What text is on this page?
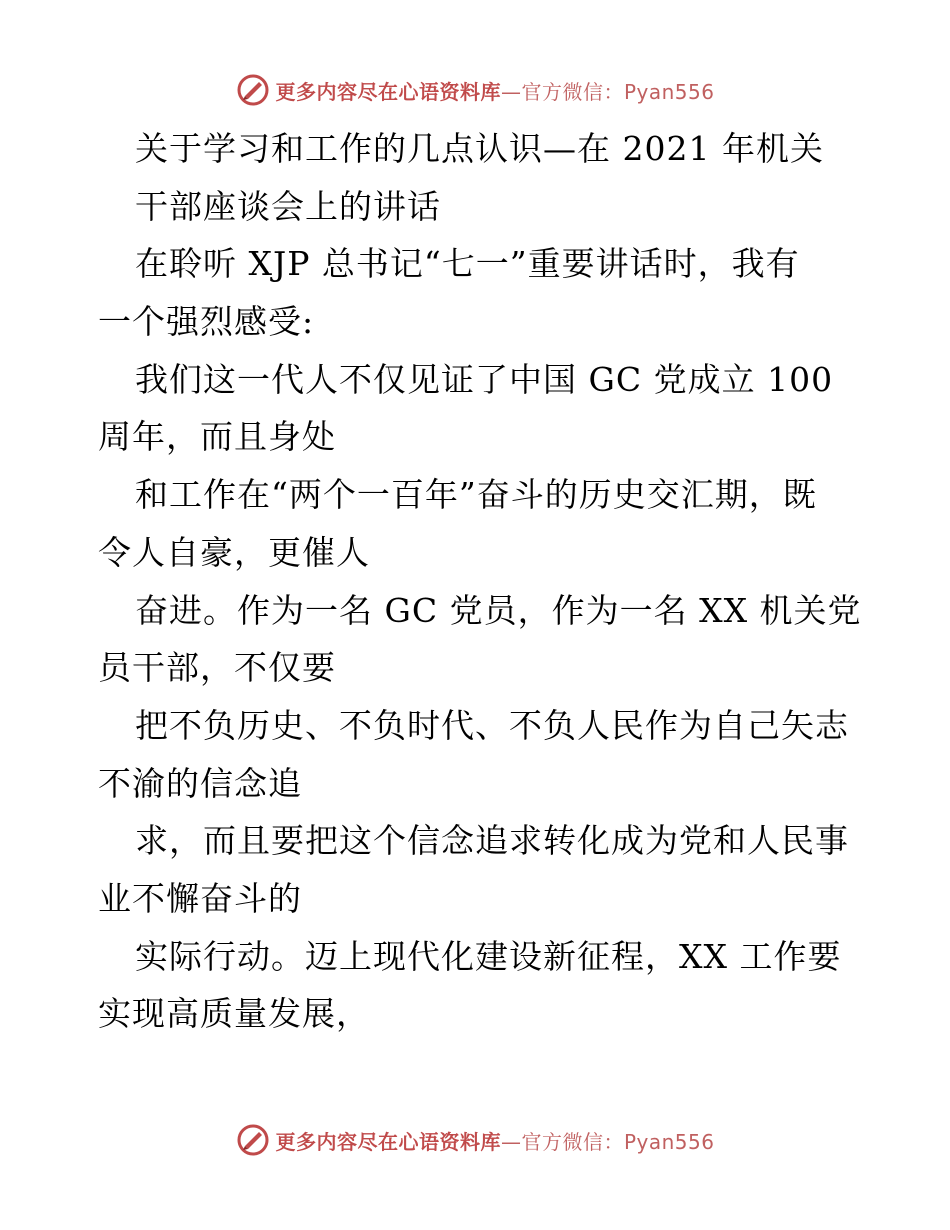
更多内容尽在心语资料库—官方微信：Pyan556
关于学习和工作的几点认识—在 2021 年机关
干部座谈会上的讲话
在聆听 XJP 总书记“七一”重要讲话时，我有
一个强烈感受:
我们这一代人不仅见证了中国 GC 党成立 100
周年，而且身处
和工作在“两个一百年”奋斗的历史交汇期，既
令人自豪，更催人
奋进。作为一名 GC 党员，作为一名 XX 机关党
员干部，不仅要
把不负历史、不负时代、不负人民作为自己矢志
不渝的信念追
求，而且要把这个信念追求转化成为党和人民事
业不懈奋斗的
实际行动。迈上现代化建设新征程，XX 工作要
实现高质量发展，
更多内容尽在心语资料库—官方微信：Pyan556
